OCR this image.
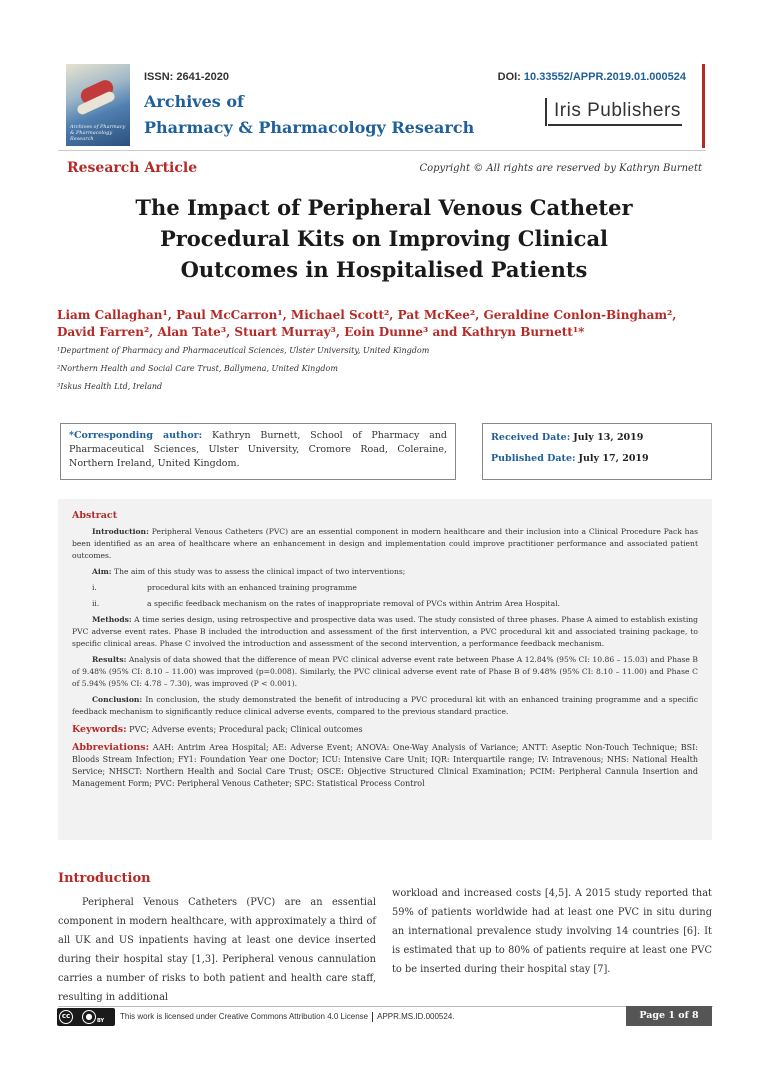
Archives of Pharmacy & Pharmacology Research
ISSN: 2641-2020	DOI: 10.33552/APPR.2019.01.000524
Archives of
Pharmacy & Pharmacology Research
Iris Publishers
Research Article	Copyright © All rights are reserved by Kathryn Burnett
The Impact of Peripheral Venous Catheter
Procedural Kits on Improving Clinical
Outcomes in Hospitalised Patients
Liam Callaghan¹, Paul McCarron¹, Michael Scott², Pat McKee², Geraldine Conlon-Bingham², David Farren², Alan Tate³, Stuart Murray³, Eoin Dunne³ and Kathryn Burnett¹*
¹Department of Pharmacy and Pharmaceutical Sciences, Ulster University, United Kingdom
²Northern Health and Social Care Trust, Ballymena, United Kingdom
³Iskus Health Ltd, Ireland
*Corresponding author: Kathryn Burnett, School of Pharmacy and Pharmaceutical Sciences, Ulster University, Cromore Road, Coleraine, Northern Ireland, United Kingdom.
Received Date: July 13, 2019
Published Date: July 17, 2019

Abstract

Introduction: Peripheral Venous Catheters (PVC) are an essential component in modern healthcare and their inclusion into a Clinical Procedure Pack has been identified as an area of healthcare where an enhancement in design and implementation could improve practitioner performance and associated patient outcomes.

Aim: The aim of this study was to assess the clinical impact of two interventions;

i.	procedural kits with an enhanced training programme

ii.	a specific feedback mechanism on the rates of inappropriate removal of PVCs within Antrim Area Hospital.

Methods: A time series design, using retrospective and prospective data was used. The study consisted of three phases. Phase A aimed to establish existing PVC adverse event rates. Phase B included the introduction and assessment of the first intervention, a PVC procedural kit and associated training package, to specific clinical areas. Phase C involved the introduction and assessment of the second intervention, a performance feedback mechanism.

Results: Analysis of data showed that the difference of mean PVC clinical adverse event rate between Phase A 12.84% (95% CI: 10.86 – 15.03) and Phase B of 9.48% (95% CI: 8.10 – 11.00) was improved (p=0.008). Similarly, the PVC clinical adverse event rate of Phase B of 9.48% (95% CI: 8.10 – 11.00) and Phase C of 5.94% (95% CI: 4.78 – 7.30), was improved (P < 0.001).

Conclusion: In conclusion, the study demonstrated the benefit of introducing a PVC procedural kit with an enhanced training programme and a specific feedback mechanism to significantly reduce clinical adverse events, compared to the previous standard practice.

Keywords: PVC; Adverse events; Procedural pack; Clinical outcomes

Abbreviations: AAH: Antrim Area Hospital; AE: Adverse Event; ANOVA: One-Way Analysis of Variance; ANTT: Aseptic Non-Touch Technique; BSI: Bloods Stream Infection; FY1: Foundation Year one Doctor; ICU: Intensive Care Unit; IQR: Interquartile range; IV: Intravenous; NHS: National Health Service; NHSCT: Northern Health and Social Care Trust; OSCE: Objective Structured Clinical Examination; PCIM: Peripheral Cannula Insertion and Management Form; PVC: Peripheral Venous Catheter; SPC: Statistical Process Control

Introduction

Peripheral Venous Catheters (PVC) are an essential component in modern healthcare, with approximately a third of all UK and US inpatients having at least one device inserted during their hospital stay [1,3]. Peripheral venous cannulation carries a number of risks to both patient and health care staff, resulting in additional

workload and increased costs [4,5]. A 2015 study reported that 59% of patients worldwide had at least one PVC in situ during an international prevalence study involving 14 countries [6]. It is estimated that up to 80% of patients require at least one PVC to be inserted during their hospital stay [7].

cc	● BY This work is licensed under Creative Commons Attribution 4.0 License APPR.MS.ID.000524.	Page 1 of 8
